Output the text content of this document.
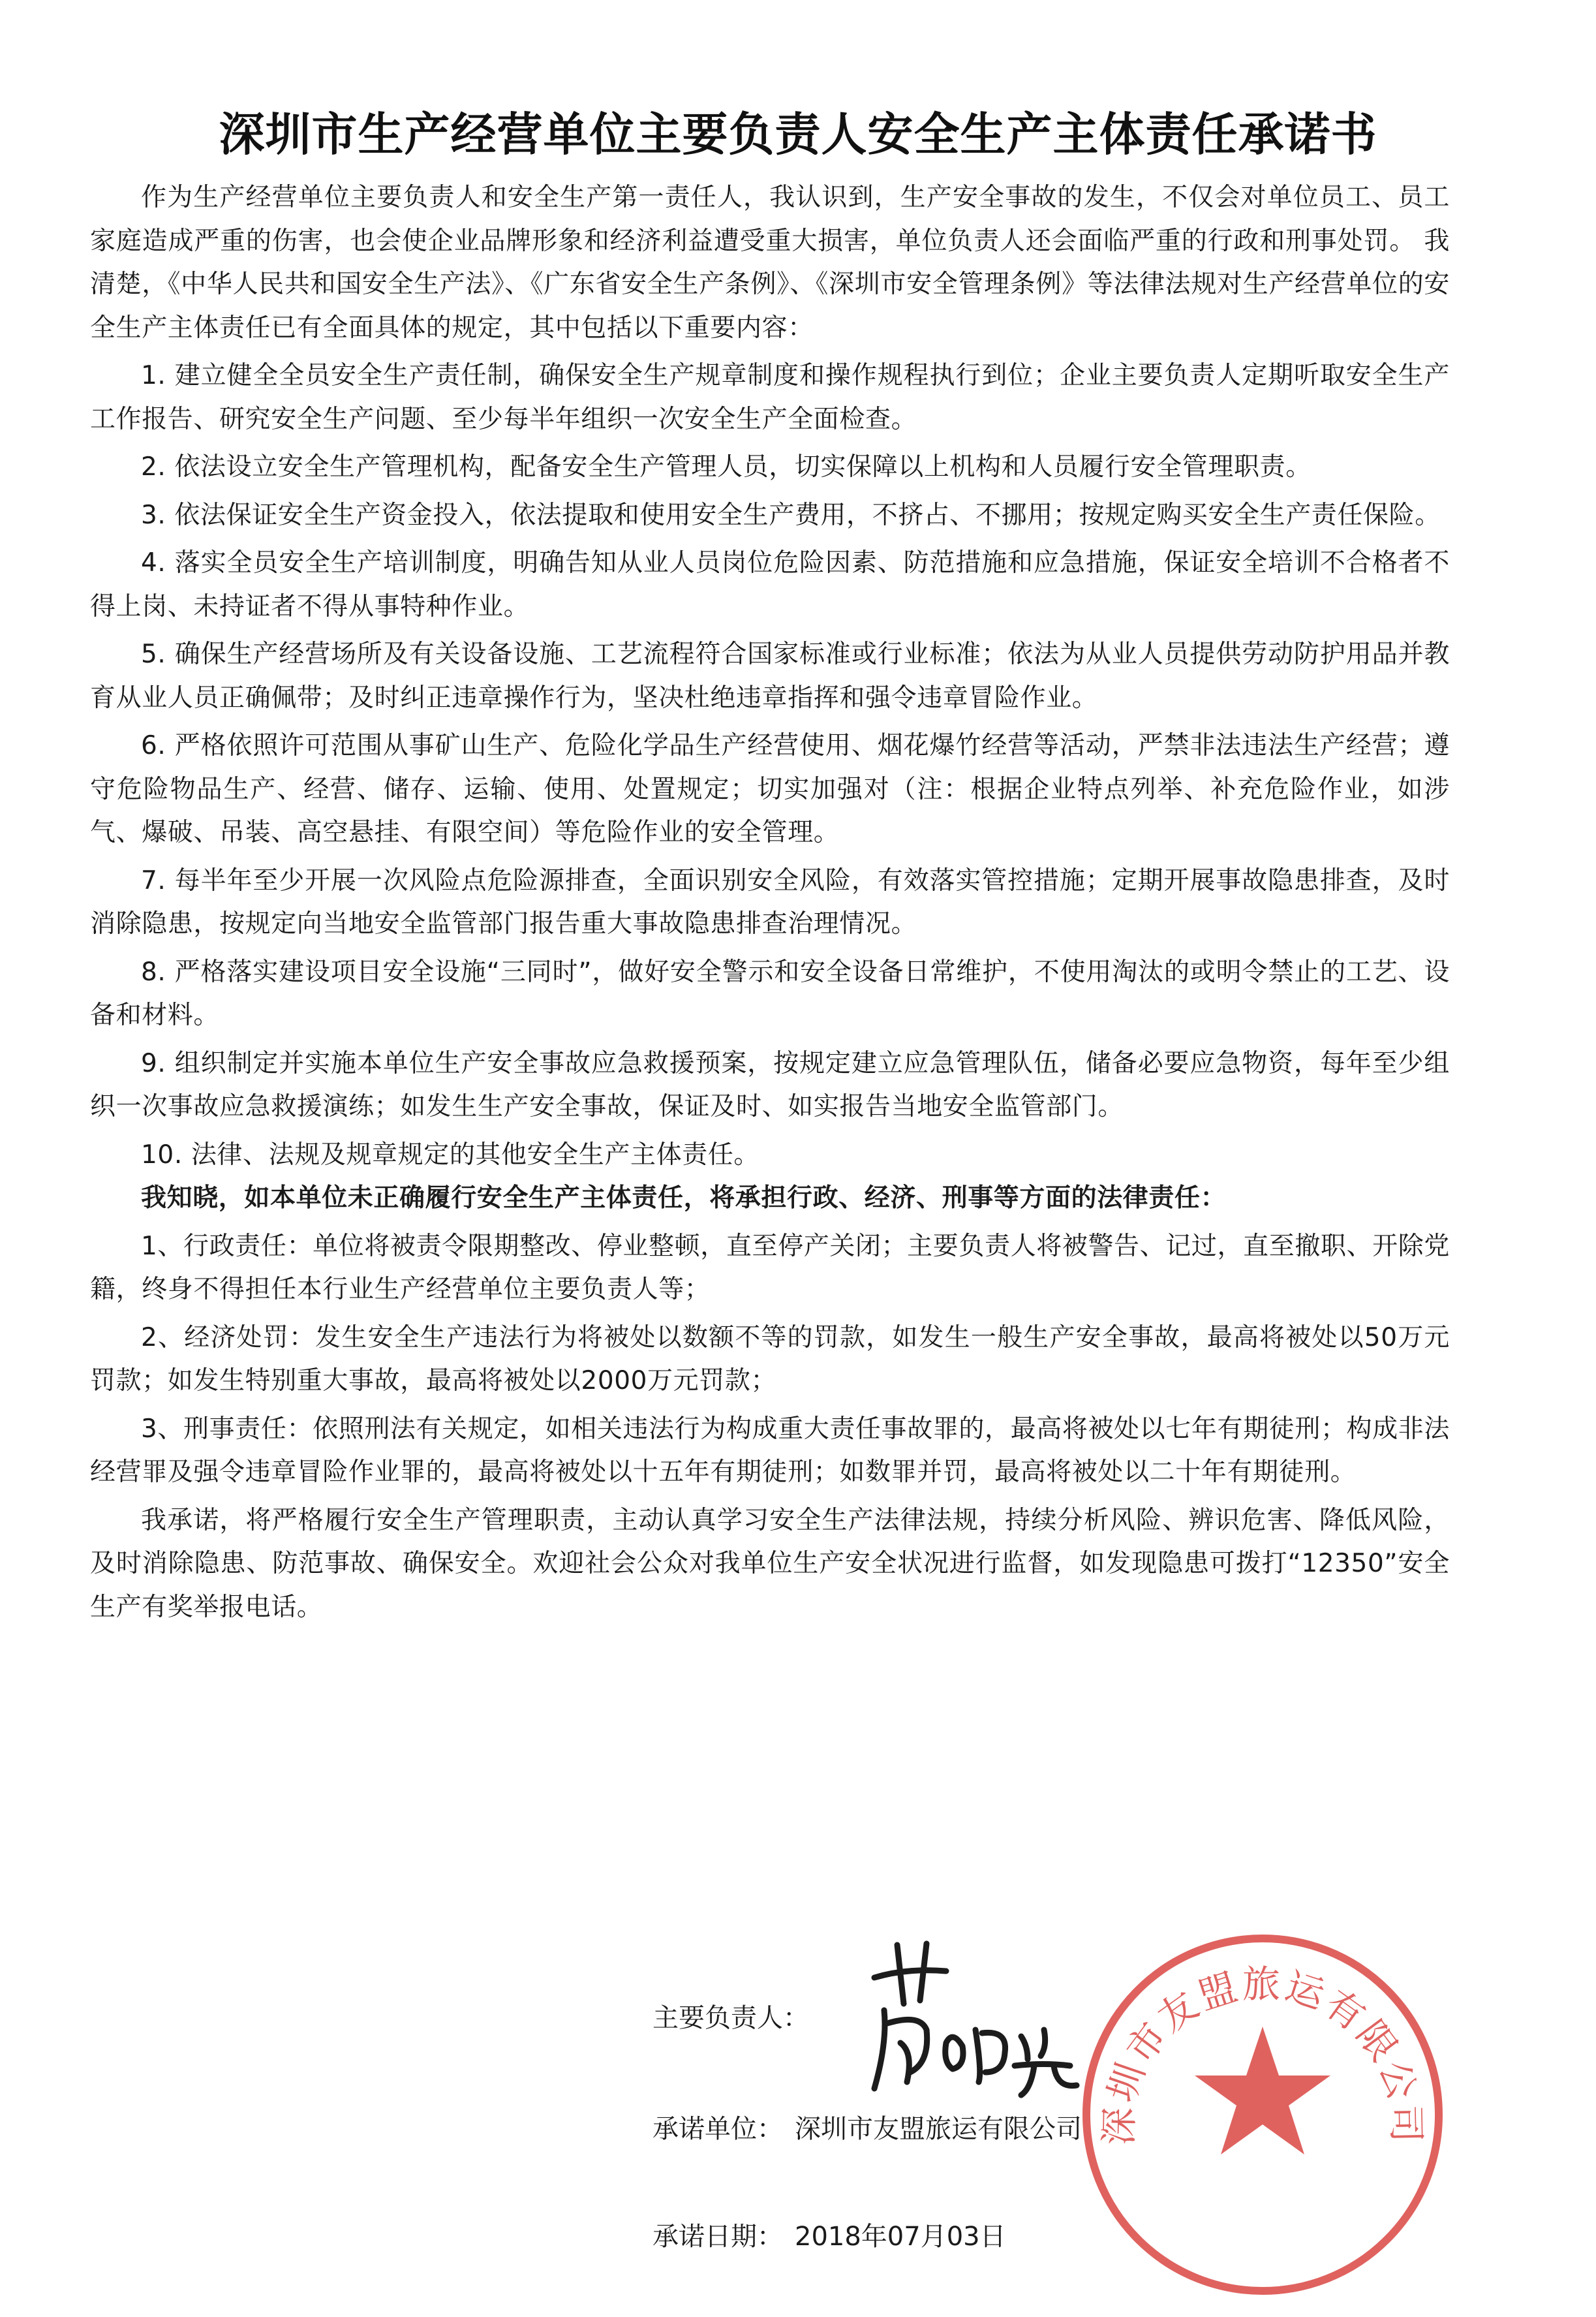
深圳市生产经营单位主要负责人安全生产主体责任承诺书

作为生产经营单位主要负责人和安全生产第一责任人，我认识到，生产安全事故的发生，不仅会对单位员工、员工家庭造成严重的伤害，也会使企业品牌形象和经济利益遭受重大损害，单位负责人还会面临严重的行政和刑事处罚。 我清楚，《中华人民共和国安全生产法》、《广东省安全生产条例》、《深圳市安全管理条例》等法律法规对生产经营单位的安全生产主体责任已有全面具体的规定，其中包括以下重要内容：

1. 建立健全全员安全生产责任制，确保安全生产规章制度和操作规程执行到位；企业主要负责人定期听取安全生产工作报告、研究安全生产问题、至少每半年组织一次安全生产全面检查。

2. 依法设立安全生产管理机构，配备安全生产管理人员，切实保障以上机构和人员履行安全管理职责。

3. 依法保证安全生产资金投入，依法提取和使用安全生产费用，不挤占、不挪用；按规定购买安全生产责任保险。

4. 落实全员安全生产培训制度，明确告知从业人员岗位危险因素、防范措施和应急措施，保证安全培训不合格者不得上岗、未持证者不得从事特种作业。

5. 确保生产经营场所及有关设备设施、工艺流程符合国家标准或行业标准；依法为从业人员提供劳动防护用品并教育从业人员正确佩带；及时纠正违章操作行为，坚决杜绝违章指挥和强令违章冒险作业。

6. 严格依照许可范围从事矿山生产、危险化学品生产经营使用、烟花爆竹经营等活动，严禁非法违法生产经营；遵守危险物品生产、经营、储存、运输、使用、处置规定；切实加强对（注：根据企业特点列举、补充危险作业，如涉气、爆破、吊装、高空悬挂、有限空间）等危险作业的安全管理。

7. 每半年至少开展一次风险点危险源排查，全面识别安全风险，有效落实管控措施；定期开展事故隐患排查，及时消除隐患，按规定向当地安全监管部门报告重大事故隐患排查治理情况。

8. 严格落实建设项目安全设施“三同时”，做好安全警示和安全设备日常维护，不使用淘汰的或明令禁止的工艺、设备和材料。

9. 组织制定并实施本单位生产安全事故应急救援预案，按规定建立应急管理队伍，储备必要应急物资，每年至少组织一次事故应急救援演练；如发生生产安全事故，保证及时、如实报告当地安全监管部门。

10. 法律、法规及规章规定的其他安全生产主体责任。

我知晓，如本单位未正确履行安全生产主体责任，将承担行政、经济、刑事等方面的法律责任：

1、行政责任：单位将被责令限期整改、停业整顿，直至停产关闭；主要负责人将被警告、记过，直至撤职、开除党籍，终身不得担任本行业生产经营单位主要负责人等；

2、经济处罚：发生安全生产违法行为将被处以数额不等的罚款，如发生一般生产安全事故，最高将被处以50万元罚款；如发生特别重大事故，最高将被处以2000万元罚款；

3、刑事责任：依照刑法有关规定，如相关违法行为构成重大责任事故罪的，最高将被处以七年有期徒刑；构成非法经营罪及强令违章冒险作业罪的，最高将被处以十五年有期徒刑；如数罪并罚，最高将被处以二十年有期徒刑。

我承诺，将严格履行安全生产管理职责，主动认真学习安全生产法律法规，持续分析风险、辨识危害、降低风险，及时消除隐患、防范事故、确保安全。欢迎社会公众对我单位生产安全状况进行监督，如发现隐患可拨打“12350”安全生产有奖举报电话。

深圳市友盟旅运有限公司
主要负责人：
承诺单位： 深圳市友盟旅运有限公司
承诺日期： 2018年07月03日
